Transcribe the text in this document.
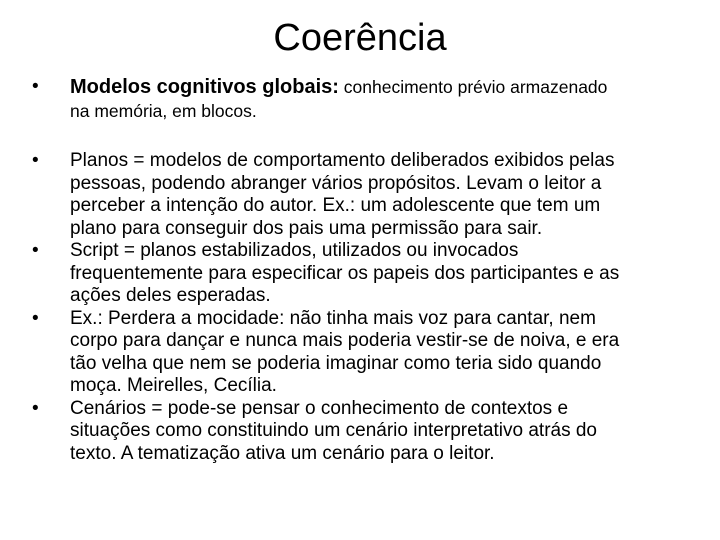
Coerência
•	Modelos cognitivos globais: conhecimento prévio armazenado
na memória, em blocos.
•	Planos = modelos de comportamento deliberados exibidos pelas
pessoas, podendo abranger vários propósitos. Levam o leitor a
perceber a intenção do autor. Ex.: um adolescente que tem um
plano para conseguir dos pais uma permissão para sair.
•	Script = planos estabilizados, utilizados ou invocados
frequentemente para especificar os papeis dos participantes e as
ações deles esperadas.
•	Ex.: Perdera a mocidade: não tinha mais voz para cantar, nem
corpo para dançar e nunca mais poderia vestir-se de noiva, e era
tão velha que nem se poderia imaginar como teria sido quando
moça. Meirelles, Cecília.
•	Cenários = pode-se pensar o conhecimento de contextos e
situações como constituindo um cenário interpretativo atrás do
texto. A tematização ativa um cenário para o leitor.
